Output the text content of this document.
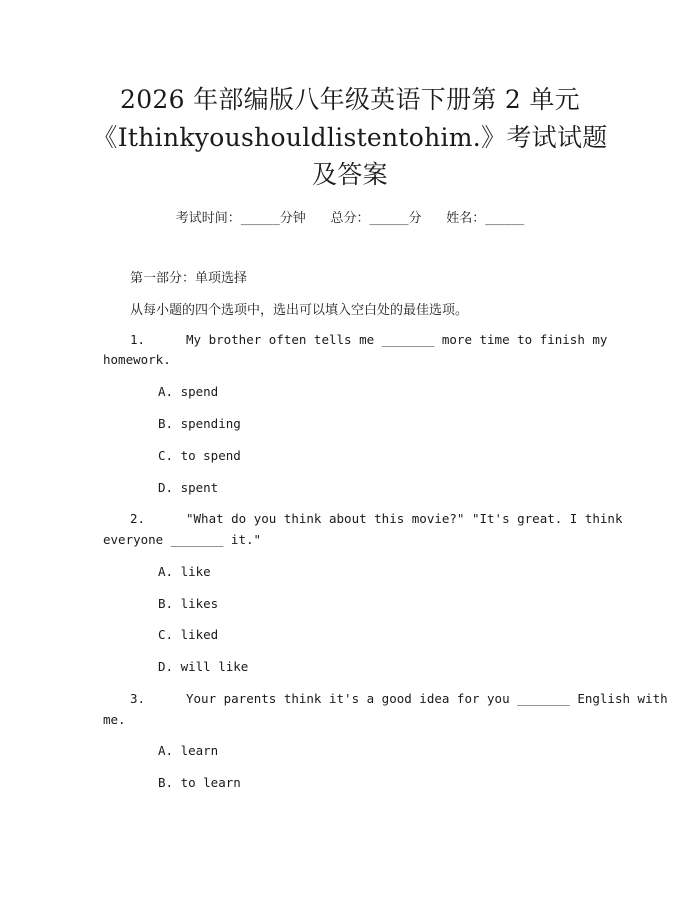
2026 年部编版八年级英语下册第 2 单元
《Ithinkyoushouldlistentohim.》考试试题
及答案
考试时间：______分钟      总分：______分      姓名：______
第一部分：单项选择
从每小题的四个选项中，选出可以填入空白处的最佳选项。
1.	My brother often tells me _______ more time to finish my
homework.
A. spend
B. spending
C. to spend
D. spent
2.	"What do you think about this movie?" "It's great. I think
everyone _______ it."
A. like
B. likes
C. liked
D. will like
3.	Your parents think it's a good idea for you _______ English with
me.
A. learn
B. to learn
